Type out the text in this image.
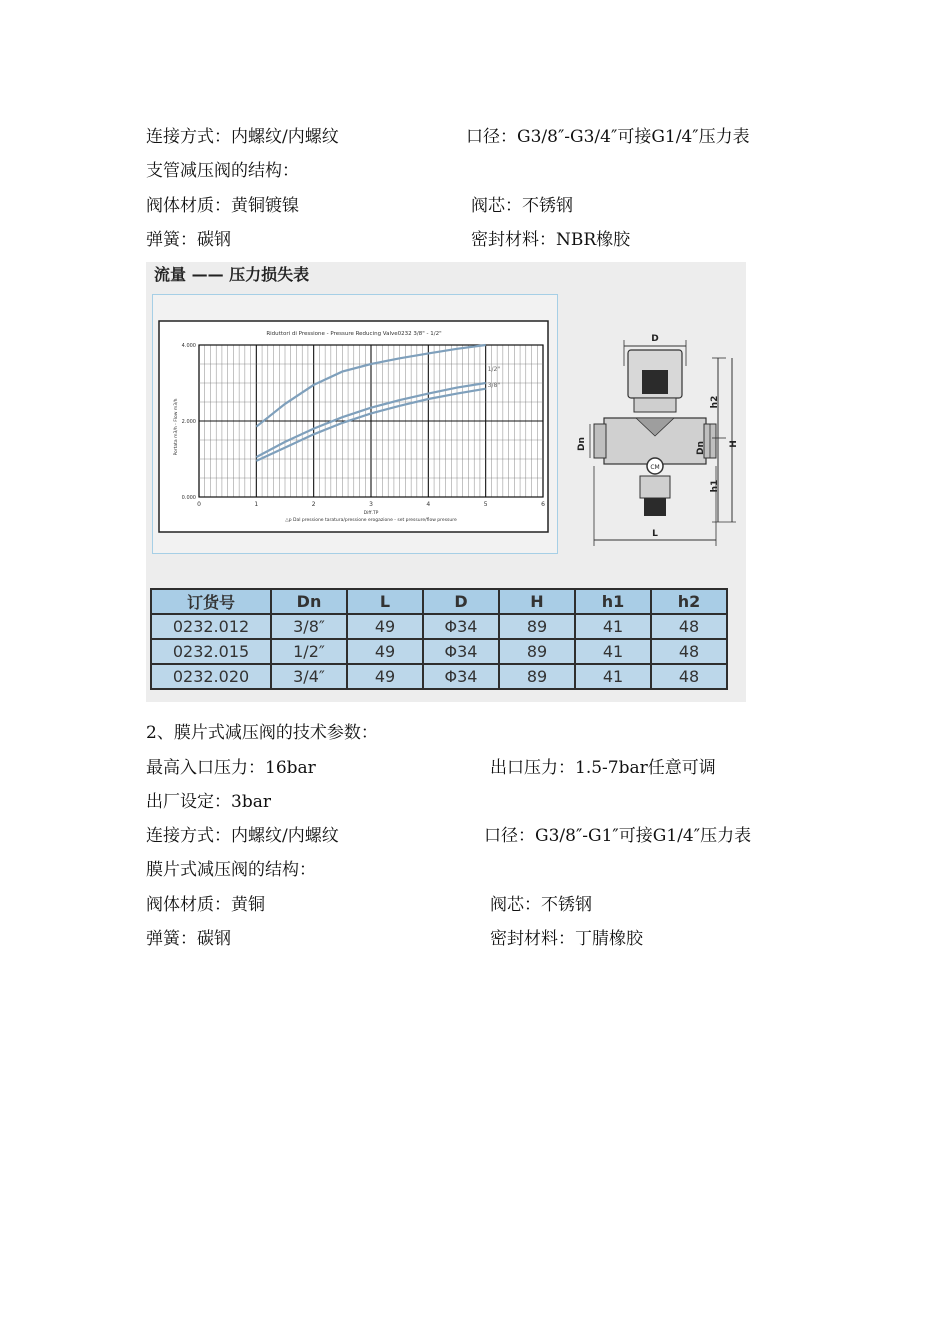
连接方式：内螺纹/内螺纹	口径：G3/8″-G3/4″可接G1/4″压力表
支管减压阀的结构：
阀体材质：黄铜镀镍	阀芯：不锈钢
弹簧：碳钢	密封材料：NBR橡胶
流量 —— 压力损失表
Riduttori di Pressione - Pressure Reducing Valve0232 3/8" - 1/2"
0	1	2	3	4	5	6
0.000
2.000
4.000
1/2"
3/8"
Diff.TP
△p Dal pressione taratura/pressione erogazione - set pressure/flow pressure
Portata m3/h - Flow m3/h
D
CM
Dn	Dn
h2
h1
H
L
订货号	Dn	L	D	H	h1	h2
0232.012	3/8″	49	Φ34	89	41	48
0232.015	1/2″	49	Φ34	89	41	48
0232.020	3/4″	49	Φ34	89	41	48
2、膜片式减压阀的技术参数：
最高入口压力：16bar	出口压力：1.5-7bar任意可调
出厂设定：3bar
连接方式：内螺纹/内螺纹	口径：G3/8″-G1″可接G1/4″压力表
膜片式减压阀的结构：
阀体材质：黄铜	阀芯：不锈钢
弹簧：碳钢	密封材料：丁腈橡胶
